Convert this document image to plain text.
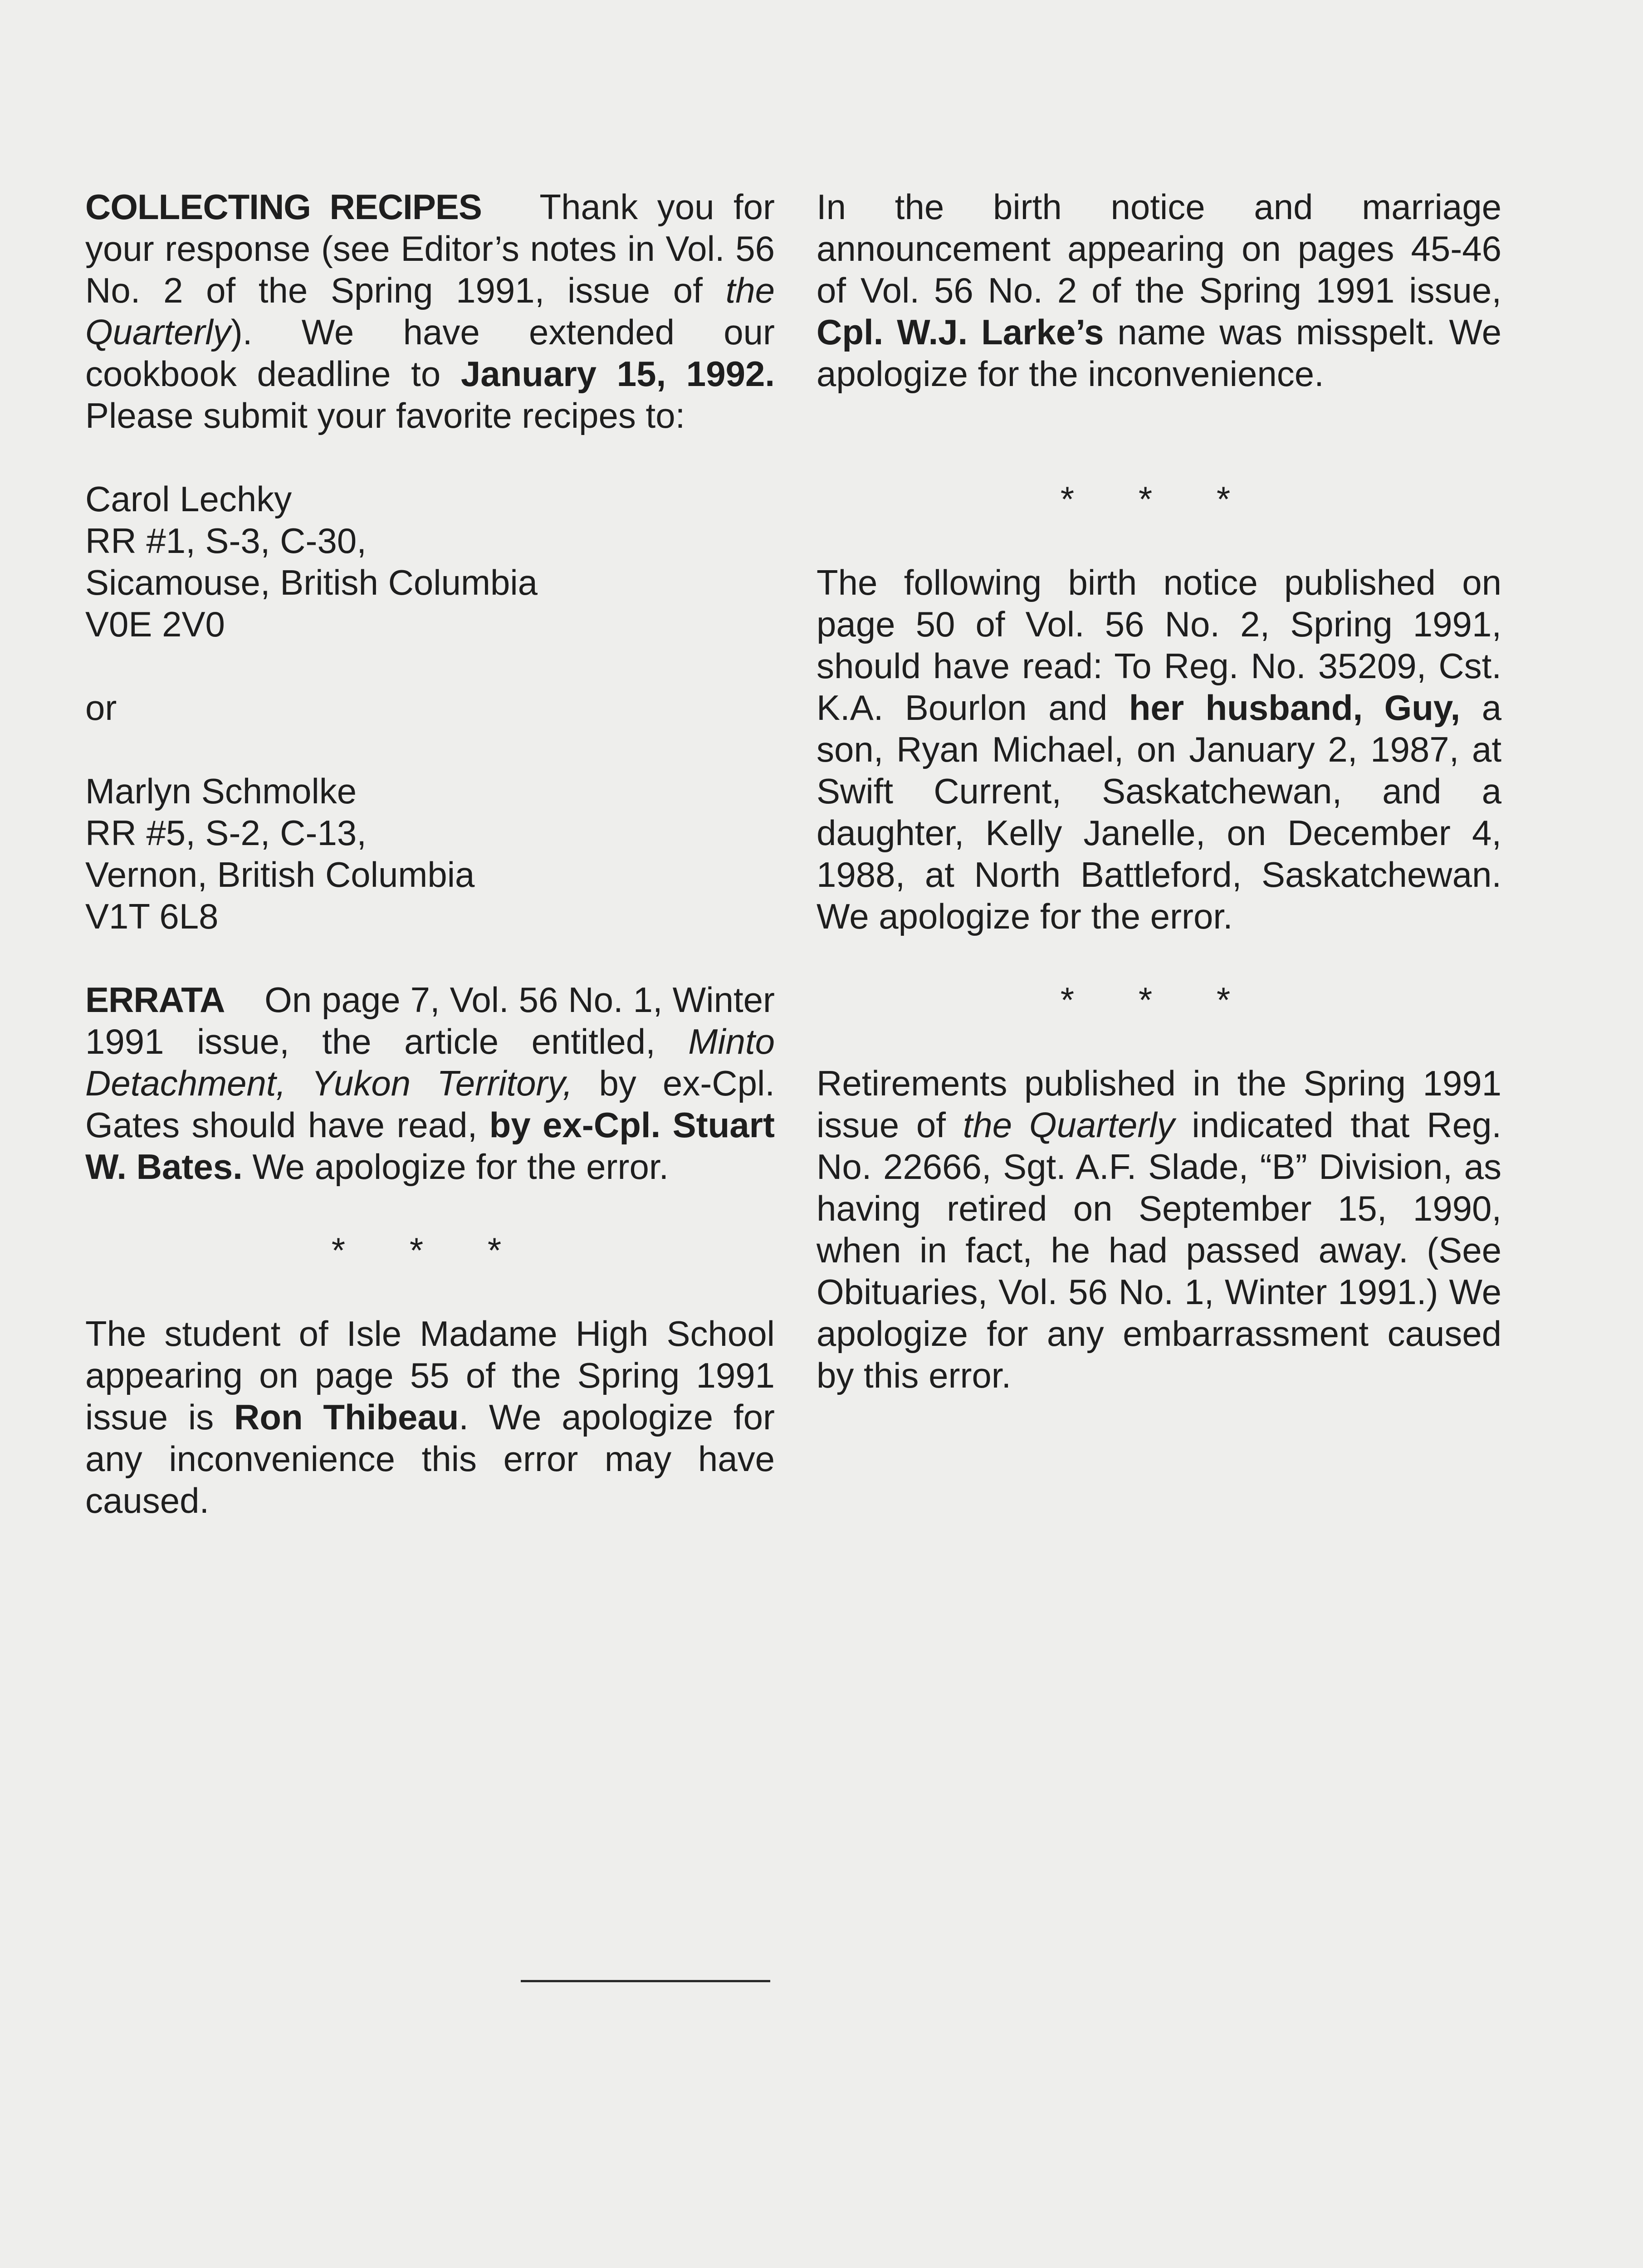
COLLECTING RECIPES Thank you for your response (see Editor’s notes in Vol. 56 No. 2 of the Spring 1991, issue of the Quarterly). We have extended our cookbook deadline to January 15, 1992. Please submit your favorite recipes to:

Carol Lechky
RR #1, S-3, C-30,
Sicamouse, British Columbia
V0E 2V0

or

Marlyn Schmolke
RR #5, S-2, C-13,
Vernon, British Columbia
V1T 6L8

ERRATA On page 7, Vol. 56 No. 1, Winter 1991 issue, the article entitled, Minto Detachment, Yukon Territory, by ex-Cpl. Gates should have read, by ex-Cpl. Stuart W. Bates. We apologize for the error.

* * *

The student of Isle Madame High School appearing on page 55 of the Spring 1991 issue is Ron Thibeau. We apologize for any inconvenience this error may have caused.

In the birth notice and marriage announcement appearing on pages 45-46 of Vol. 56 No. 2 of the Spring 1991 issue, Cpl. W.J. Larke’s name was misspelt. We apologize for the inconvenience.

* * *

The following birth notice published on page 50 of Vol. 56 No. 2, Spring 1991, should have read: To Reg. No. 35209, Cst. K.A. Bourlon and her husband, Guy, a son, Ryan Michael, on January 2, 1987, at Swift Current, Saskatchewan, and a daughter, Kelly Janelle, on December 4, 1988, at North Battleford, Saskatchewan. We apologize for the error.

* * *

Retirements published in the Spring 1991 issue of the Quarterly indicated that Reg. No. 22666, Sgt. A.F. Slade, “B” Division, as having retired on September 15, 1990, when in fact, he had passed away. (See Obituaries, Vol. 56 No. 1, Winter 1991.) We apologize for any embarrassment caused by this error.
